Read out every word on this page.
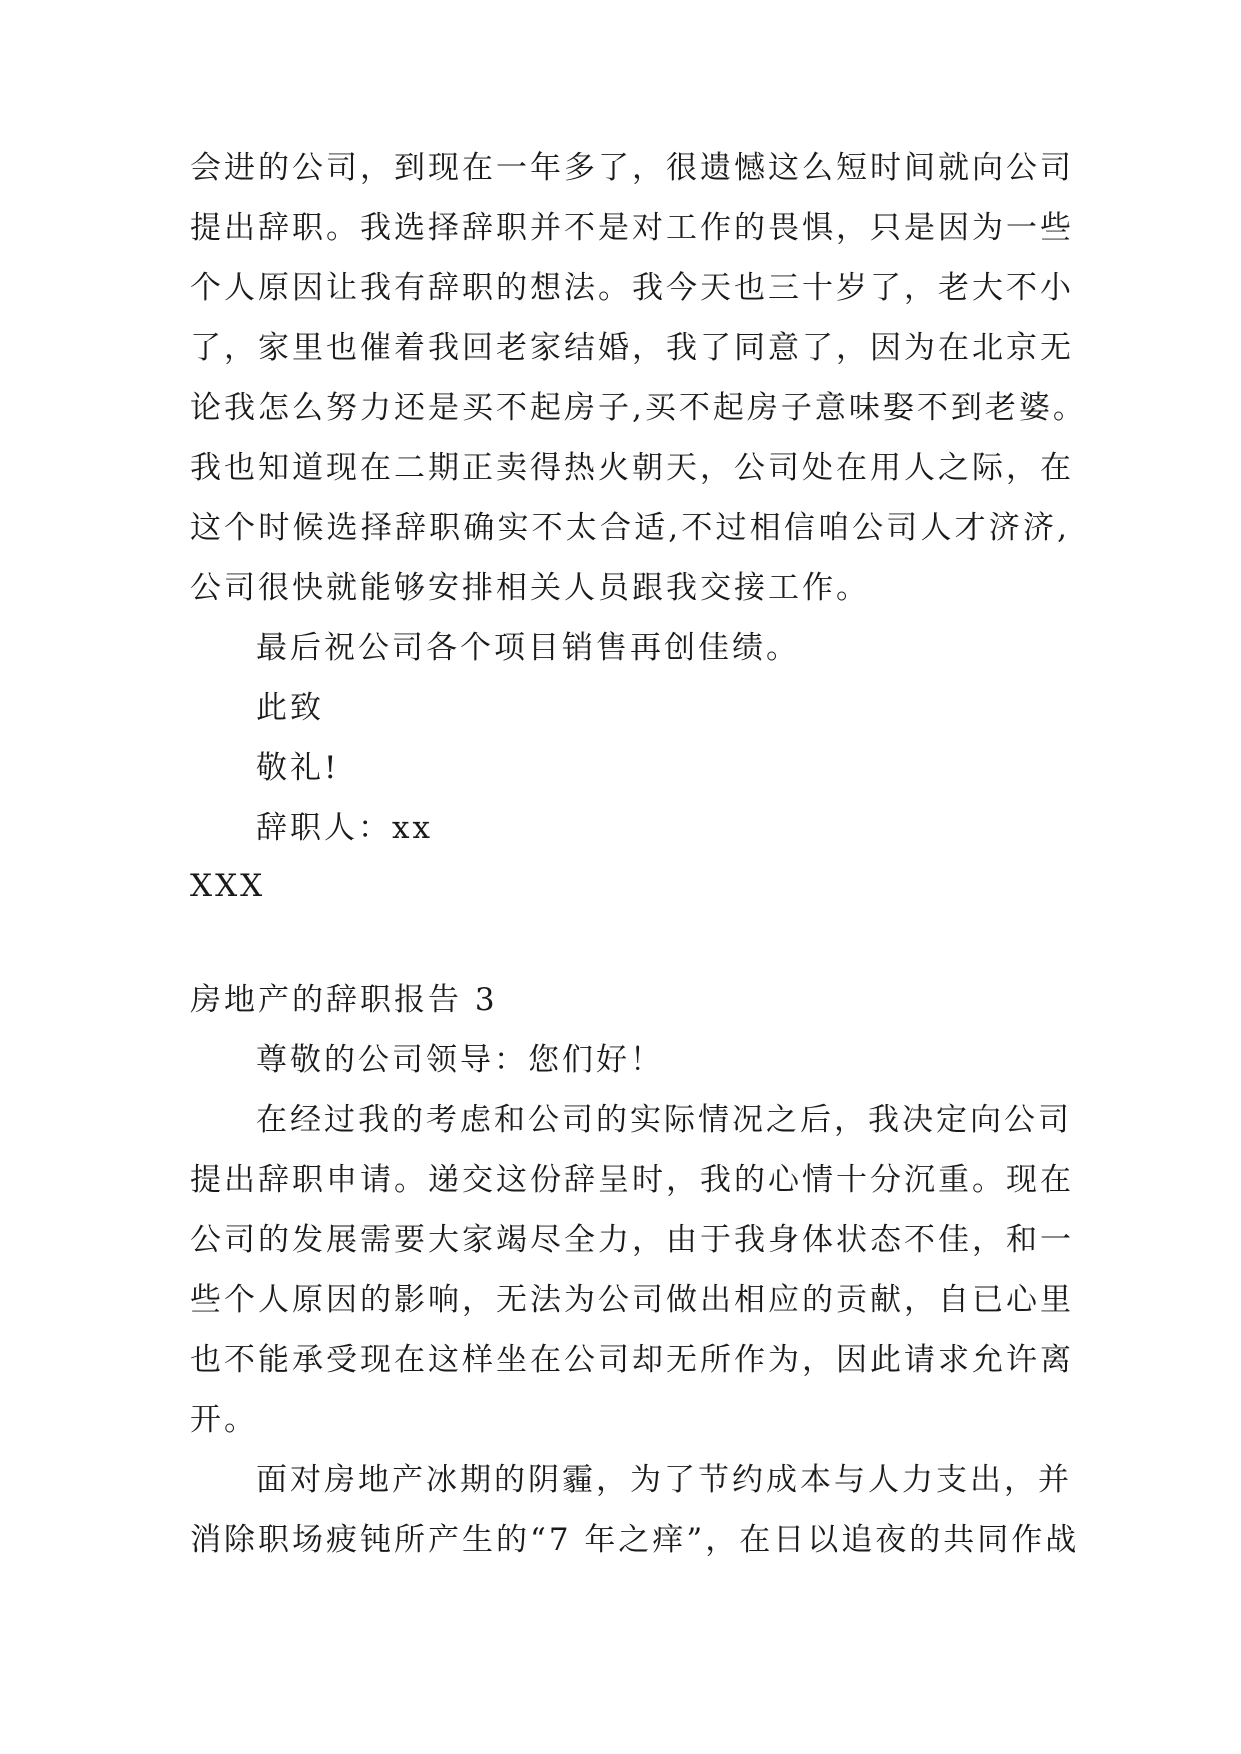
会进的公司，到现在一年多了，很遗憾这么短时间就向公司
提出辞职。我选择辞职并不是对工作的畏惧，只是因为一些
个人原因让我有辞职的想法。我今天也三十岁了，老大不小
了，家里也催着我回老家结婚，我了同意了，因为在北京无
论我怎么努力还是买不起房子,买不起房子意味娶不到老婆。
我也知道现在二期正卖得热火朝天，公司处在用人之际，在
这个时候选择辞职确实不太合适,不过相信咱公司人才济济,
公司很快就能够安排相关人员跟我交接工作。
最后祝公司各个项目销售再创佳绩。
此致
敬礼!
辞职人：xx
XXX
房地产的辞职报告 3
尊敬的公司领导：您们好！
在经过我的考虑和公司的实际情况之后，我决定向公司
提出辞职申请。递交这份辞呈时，我的心情十分沉重。现在
公司的发展需要大家竭尽全力，由于我身体状态不佳，和一
些个人原因的影响，无法为公司做出相应的贡献，自已心里
也不能承受现在这样坐在公司却无所作为，因此请求允许离
开。
面对房地产冰期的阴霾，为了节约成本与人力支出，并
消除职场疲钝所产生的“7 年之痒”，在日以追夜的共同作战
